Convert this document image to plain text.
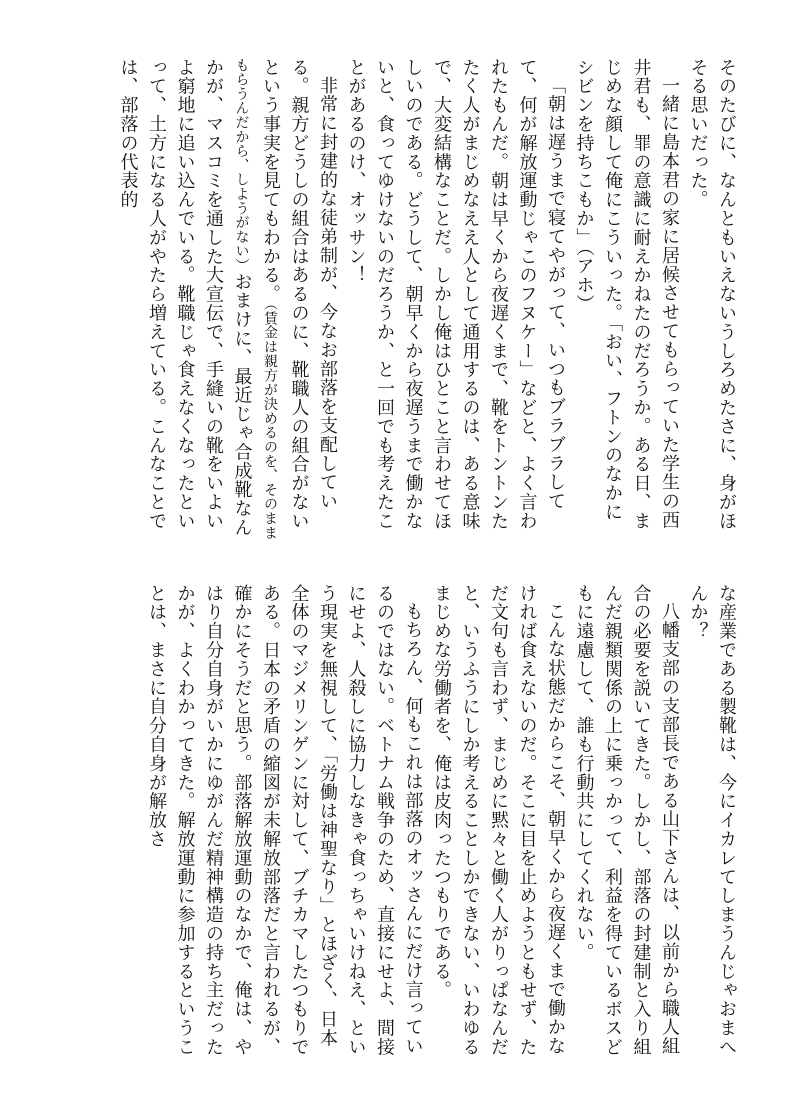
そのたびに、なんともいえないうしろめたさに、身がほそる思いだった。

一緒に島本君の家に居候させてもらっていた学生の西井君も、罪の意識に耐えかねたのだろうか。ある日、まじめな顔して俺にこういった。「おい、フトンのなかにシビンを持ちこもか」（アホ）

「朝は遅うまで寝てやがって、いつもブラブラしてて、何が解放運動じゃこのフヌケー」などと、よく言われたもんだ。朝は早くから夜遅くまで、靴をトントンたたく人がまじめなええ人として通用するのは、ある意味で、大変結構なことだ。しかし俺はひとこと言わせてほしいのである。どうして、朝早くから夜遅うまで働かないと、食ってゆけないのだろうか、と一回でも考えたことがあるのけ、オッサン！

非常に封建的な徒弟制が、今なお部落を支配している。親方どうしの組合はあるのに、靴職人の組合がないという事実を見てもわかる。（賃金は親方が決めるのを、そのままもらうんだから、しようがない）おまけに、最近じゃ合成靴なんかが、マスコミを通した大宣伝で、手縫いの靴をいよいよ窮地に追い込んでいる。靴職じゃ食えなくなったといって、土方になる人がやたら増えている。こんなことでは、部落の代表的

な産業である製靴は、今にイカレてしまうんじゃおまへんか？

八幡支部の支部長である山下さんは、以前から職人組合の必要を説いてきた。しかし、部落の封建制と入り組んだ親類関係の上に乗っかって、利益を得ているボスどもに遠慮して、誰も行動共にしてくれない。

こんな状態だからこそ、朝早くから夜遅くまで働かなければ食えないのだ。そこに目を止めようともせず、ただ文句も言わず、まじめに黙々と働く人がりっぱなんだと、いうふうにしか考えることしかできない、いわゆるまじめな労働者を、俺は皮肉ったつもりである。

もちろん、何もこれは部落のオッさんにだけ言っているのではない。ベトナム戦争のため、直接にせよ、間接にせよ、人殺しに協力しなきゃ食っちゃいけねえ、という現実を無視して、「労働は神聖なり」とほざく、日本全体のマジメリンゲンに対して、ブチカマしたつもりである。日本の矛盾の縮図が未解放部落だと言われるが、確かにそうだと思う。部落解放運動のなかで、俺は、やはり自分自身がいかにゆがんだ精神構造の持ち主だったかが、よくわかってきた。解放運動に参加するということは、まさに自分自身が解放さ
